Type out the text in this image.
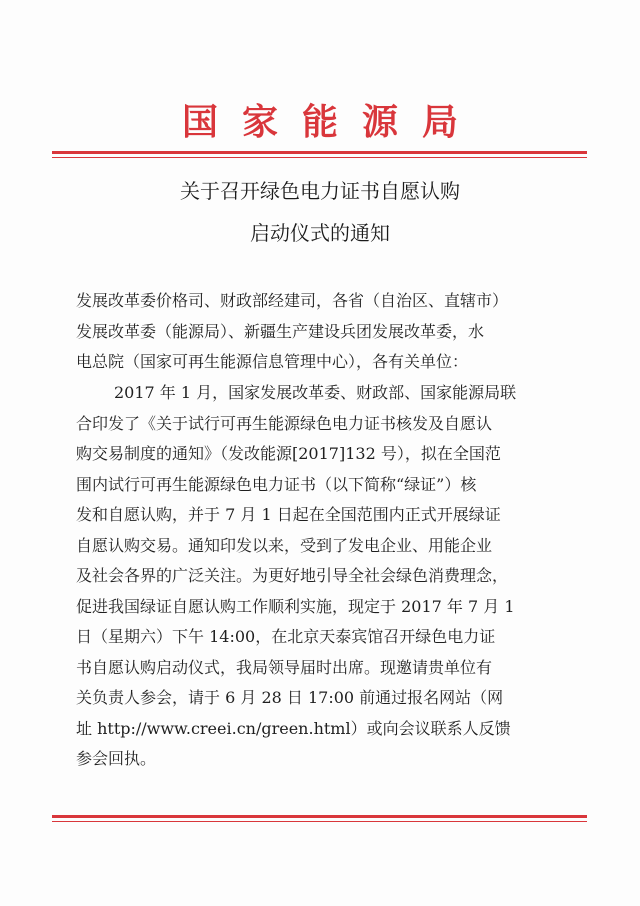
国家能源局
关于召开绿色电力证书自愿认购
启动仪式的通知
发展改革委价格司、财政部经建司，各省（自治区、直辖市）
发展改革委（能源局）、新疆生产建设兵团发展改革委，水
电总院（国家可再生能源信息管理中心），各有关单位：
2017 年 1 月，国家发展改革委、财政部、国家能源局联
合印发了《关于试行可再生能源绿色电力证书核发及自愿认
购交易制度的通知》（发改能源[2017]132 号），拟在全国范
围内试行可再生能源绿色电力证书（以下简称“绿证”）核
发和自愿认购，并于 7 月 1 日起在全国范围内正式开展绿证
自愿认购交易。通知印发以来，受到了发电企业、用能企业
及社会各界的广泛关注。为更好地引导全社会绿色消费理念，
促进我国绿证自愿认购工作顺利实施，现定于 2017 年 7 月 1
日（星期六）下午 14:00，在北京天泰宾馆召开绿色电力证
书自愿认购启动仪式，我局领导届时出席。现邀请贵单位有
关负责人参会，请于 6 月 28 日 17:00 前通过报名网站（网
址 http://www.creei.cn/green.html）或向会议联系人反馈
参会回执。
